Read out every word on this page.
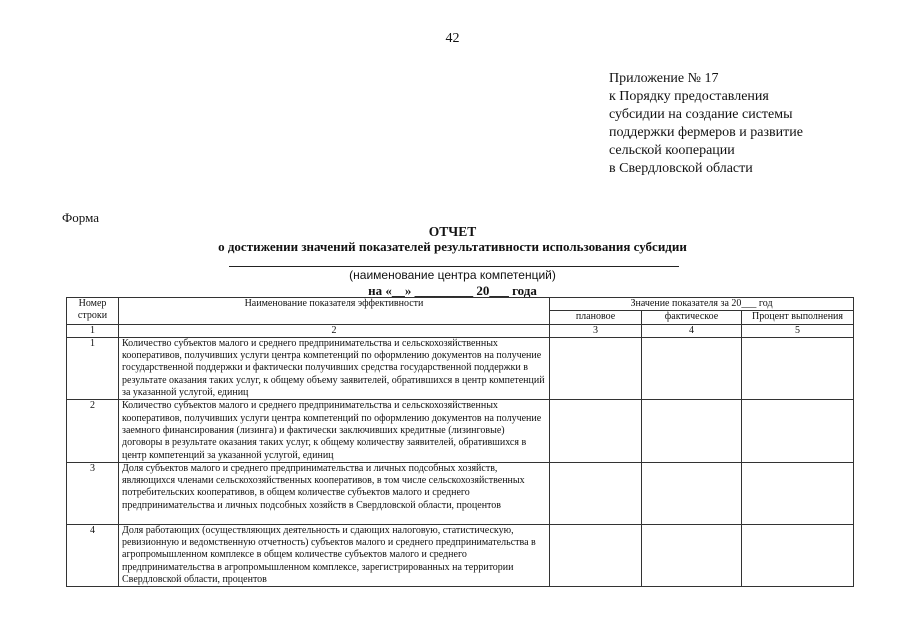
42
Приложение № 17
к Порядку предоставления
субсидии на создание системы
поддержки фермеров и развитие
сельской кооперации
в Свердловской области
Форма
ОТЧЕТ
о достижении значений показателей результативности использования субсидии
(наименование центра компетенций)
на «__» _________ 20___ года
Номер строки	Наименование показателя эффективности	Значение показателя за 20___ год		
		плановое	фактическое	Процент выполнения
1	2	3	4	5
1	Количество субъектов малого и среднего предпринимательства и сельскохозяйственных кооперативов, получивших услуги центра компетенций по оформлению документов на получение государственной поддержки и фактически получивших средства государственной поддержки в результате оказания таких услуг, к общему объему заявителей, обратившихся в центр компетенций за указанной услугой, единиц			
2	Количество субъектов малого и среднего предпринимательства и сельскохозяйственных кооперативов, получивших услуги центра компетенций по оформлению документов на получение заемного финансирования (лизинга) и фактически заключивших кредитные (лизинговые) договоры в результате оказания таких услуг, к общему количеству заявителей, обратившихся в центр компетенций за указанной услугой, единиц			
3	Доля субъектов малого и среднего предпринимательства и личных подсобных хозяйств, являющихся членами сельскохозяйственных кооперативов, в том числе сельскохозяйственных потребительских кооперативов, в общем количестве субъектов малого и среднего предпринимательства и личных подсобных хозяйств в Свердловской области, процентов			
4	Доля работающих (осуществляющих деятельность и сдающих налоговую, статистическую, ревизионную и ведомственную отчетность) субъектов малого и среднего предпринимательства в агропромышленном комплексе в общем количестве субъектов малого и среднего предпринимательства в агропромышленном комплексе, зарегистрированных на территории Свердловской области, процентов			
